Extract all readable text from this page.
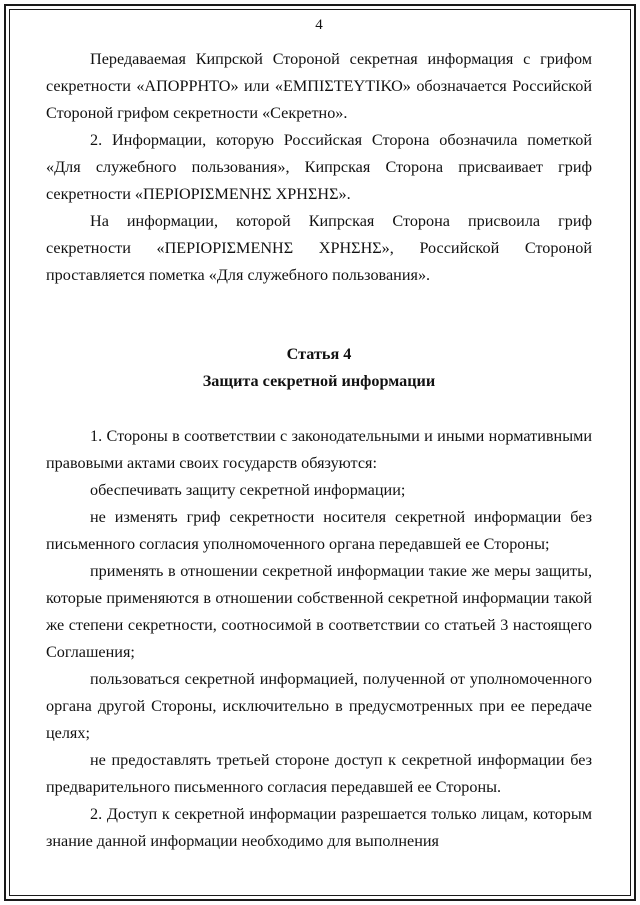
4

Передаваемая Кипрской Стороной секретная информация с грифом секретности «ΑΠΟΡΡΗΤΟ» или «ΕΜΠΙΣΤΕΥΤΙΚΟ» обозначается Российской Стороной грифом секретности «Секретно».

2. Информации, которую Российская Сторона обозначила пометкой «Для служебного пользования», Кипрская Сторона присваивает гриф секретности «ΠΕΡΙΟΡΙΣΜΕΝΗΣ ΧΡΗΣΗΣ».

На информации, которой Кипрская Сторона присвоила гриф секретности «ΠΕΡΙΟΡΙΣΜΕΝΗΣ ΧΡΗΣΗΣ», Российской Стороной проставляется пометка «Для служебного пользования».

Статья 4
Защита секретной информации

1. Стороны в соответствии с законодательными и иными нормативными правовыми актами своих государств обязуются:

обеспечивать защиту секретной информации;

не изменять гриф секретности носителя секретной информации без письменного согласия уполномоченного органа передавшей ее Стороны;

применять в отношении секретной информации такие же меры защиты, которые применяются в отношении собственной секретной информации такой же степени секретности, соотносимой в соответствии со статьей 3 настоящего Соглашения;

пользоваться секретной информацией, полученной от уполномоченного органа другой Стороны, исключительно в предусмотренных при ее передаче целях;

не предоставлять третьей стороне доступ к секретной информации без предварительного письменного согласия передавшей ее Стороны.

2. Доступ к секретной информации разрешается только лицам, которым знание данной информации необходимо для выполнения
